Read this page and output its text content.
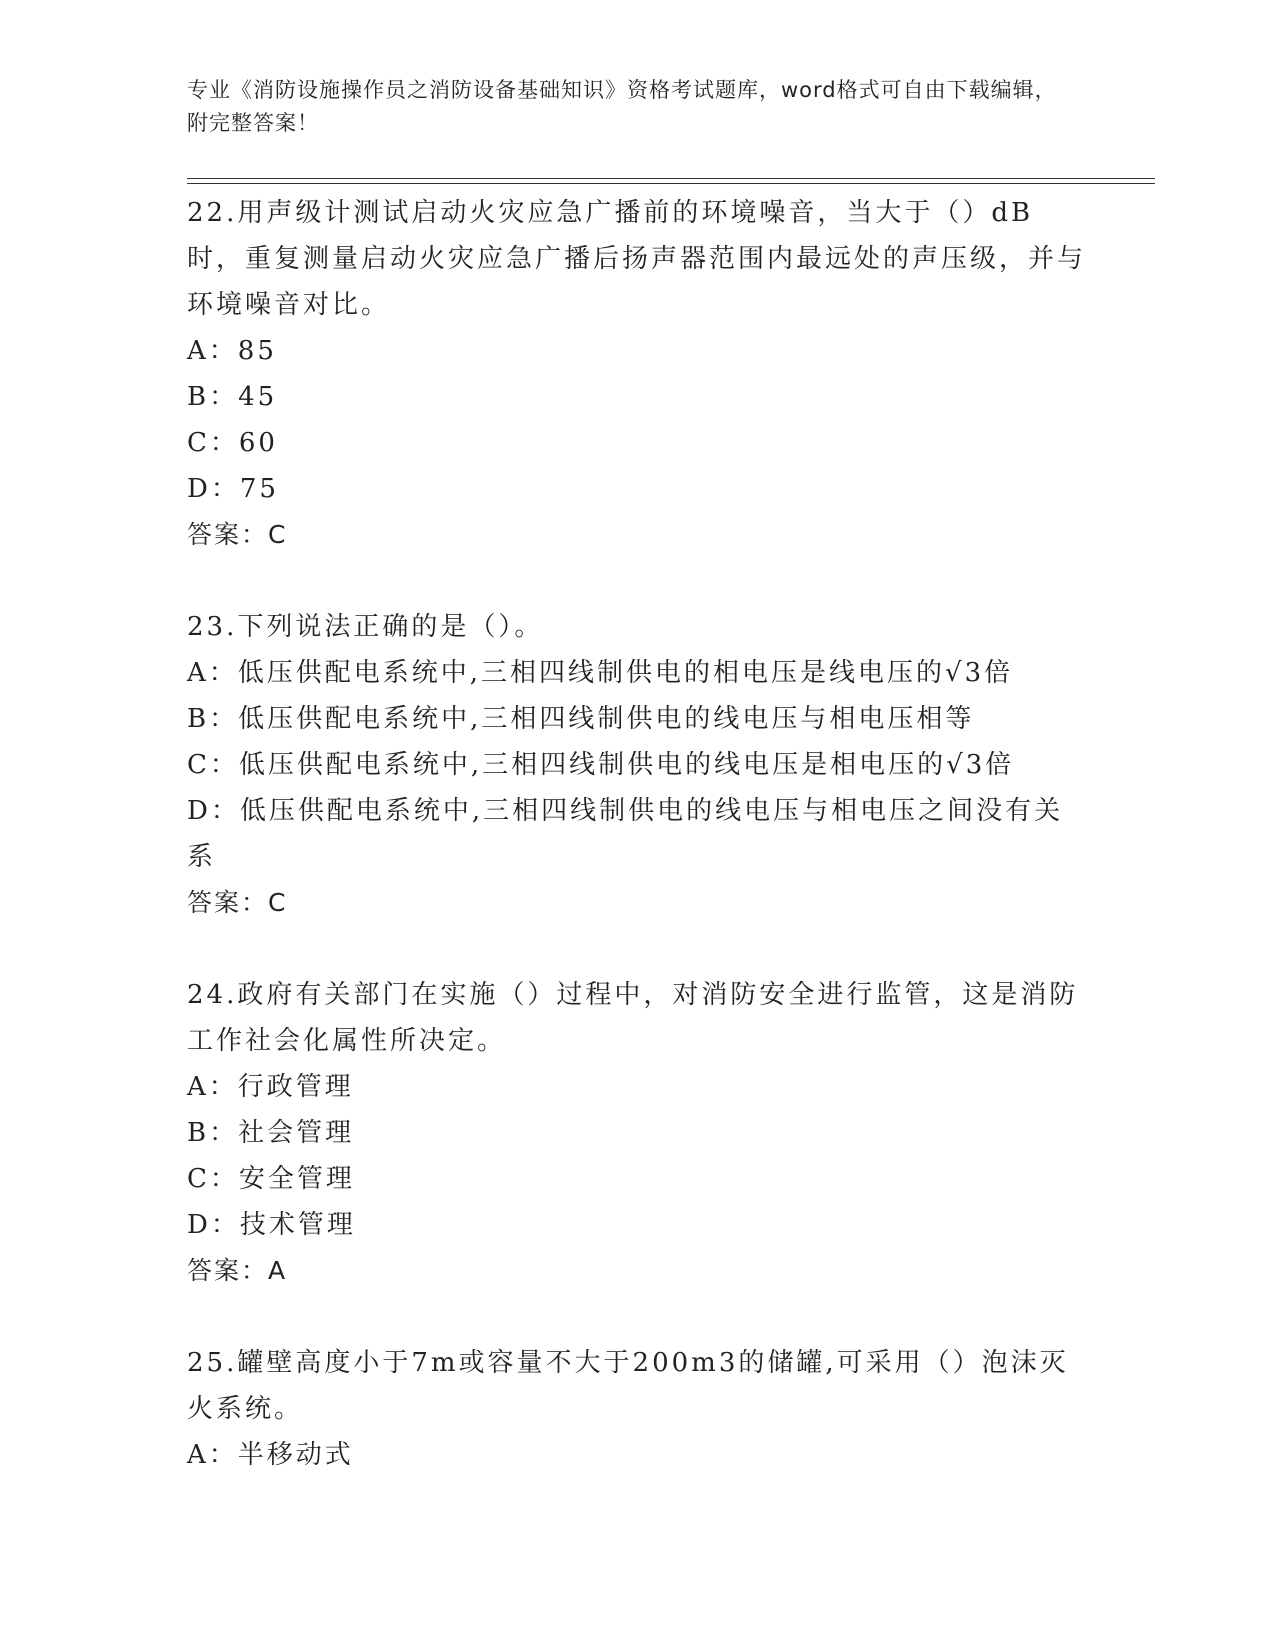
专业《消防设施操作员之消防设备基础知识》资格考试题库，word格式可自由下载编辑，附完整答案！

22.用声级计测试启动火灾应急广播前的环境噪音，当大于（）dB时，重复测量启动火灾应急广播后扬声器范围内最远处的声压级，并与环境噪音对比。

A：85

B：45

C：60

D：75

答案：C

23.下列说法正确的是（）。

A：低压供配电系统中,三相四线制供电的相电压是线电压的√3倍

B：低压供配电系统中,三相四线制供电的线电压与相电压相等

C：低压供配电系统中,三相四线制供电的线电压是相电压的√3倍

D：低压供配电系统中,三相四线制供电的线电压与相电压之间没有关系

答案：C

24.政府有关部门在实施（）过程中，对消防安全进行监管，这是消防工作社会化属性所决定。

A：行政管理

B：社会管理

C：安全管理

D：技术管理

答案：A

25.罐壁高度小于7m或容量不大于200m3的储罐,可采用（）泡沫灭火系统。

A：半移动式
